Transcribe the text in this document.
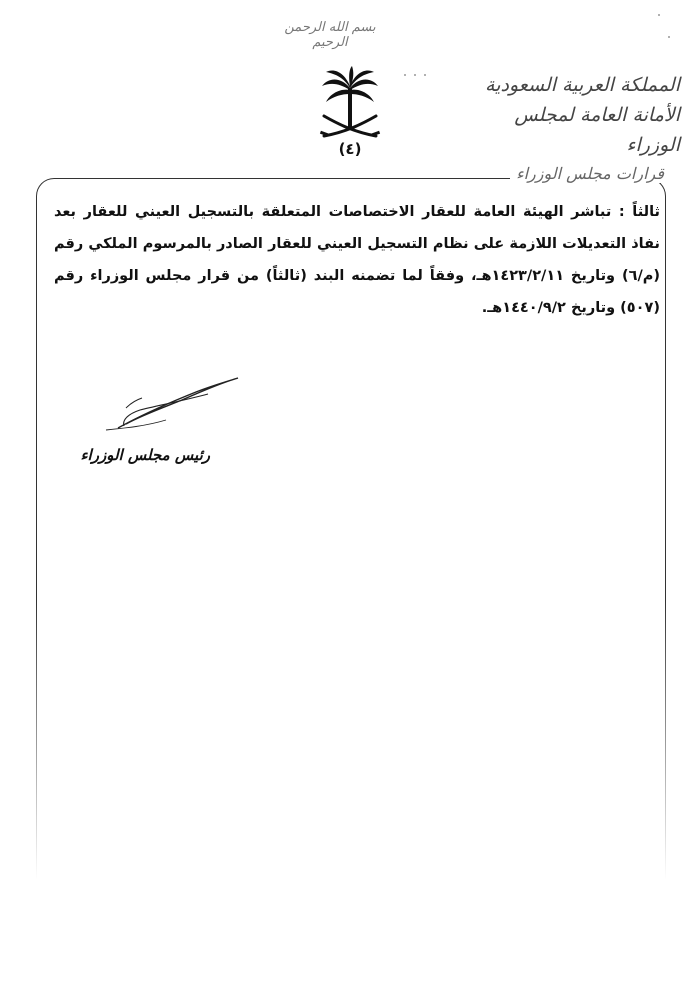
بسم الله الرحمن الرحيم
(٤)
المملكة العربية السعودية
الأمانة العامة لمجلس الوزراء
قرارات مجلس الوزراء

ثالثاً : تباشر الهيئة العامة للعقار الاختصاصات المتعلقة بالتسجيل العيني للعقار بعد نفاذ التعديلات اللازمة على نظام التسجيل العيني للعقار الصادر بالمرسوم الملكي رقم (م/٦) وتاريخ ١٤٢٣/٢/١١هـ، وفقاً لما تضمنه البند (ثالثاً) من قرار مجلس الوزراء رقم (٥٠٧) وتاريخ ١٤٤٠/٩/٢هـ.

رئيس مجلس الوزراء
